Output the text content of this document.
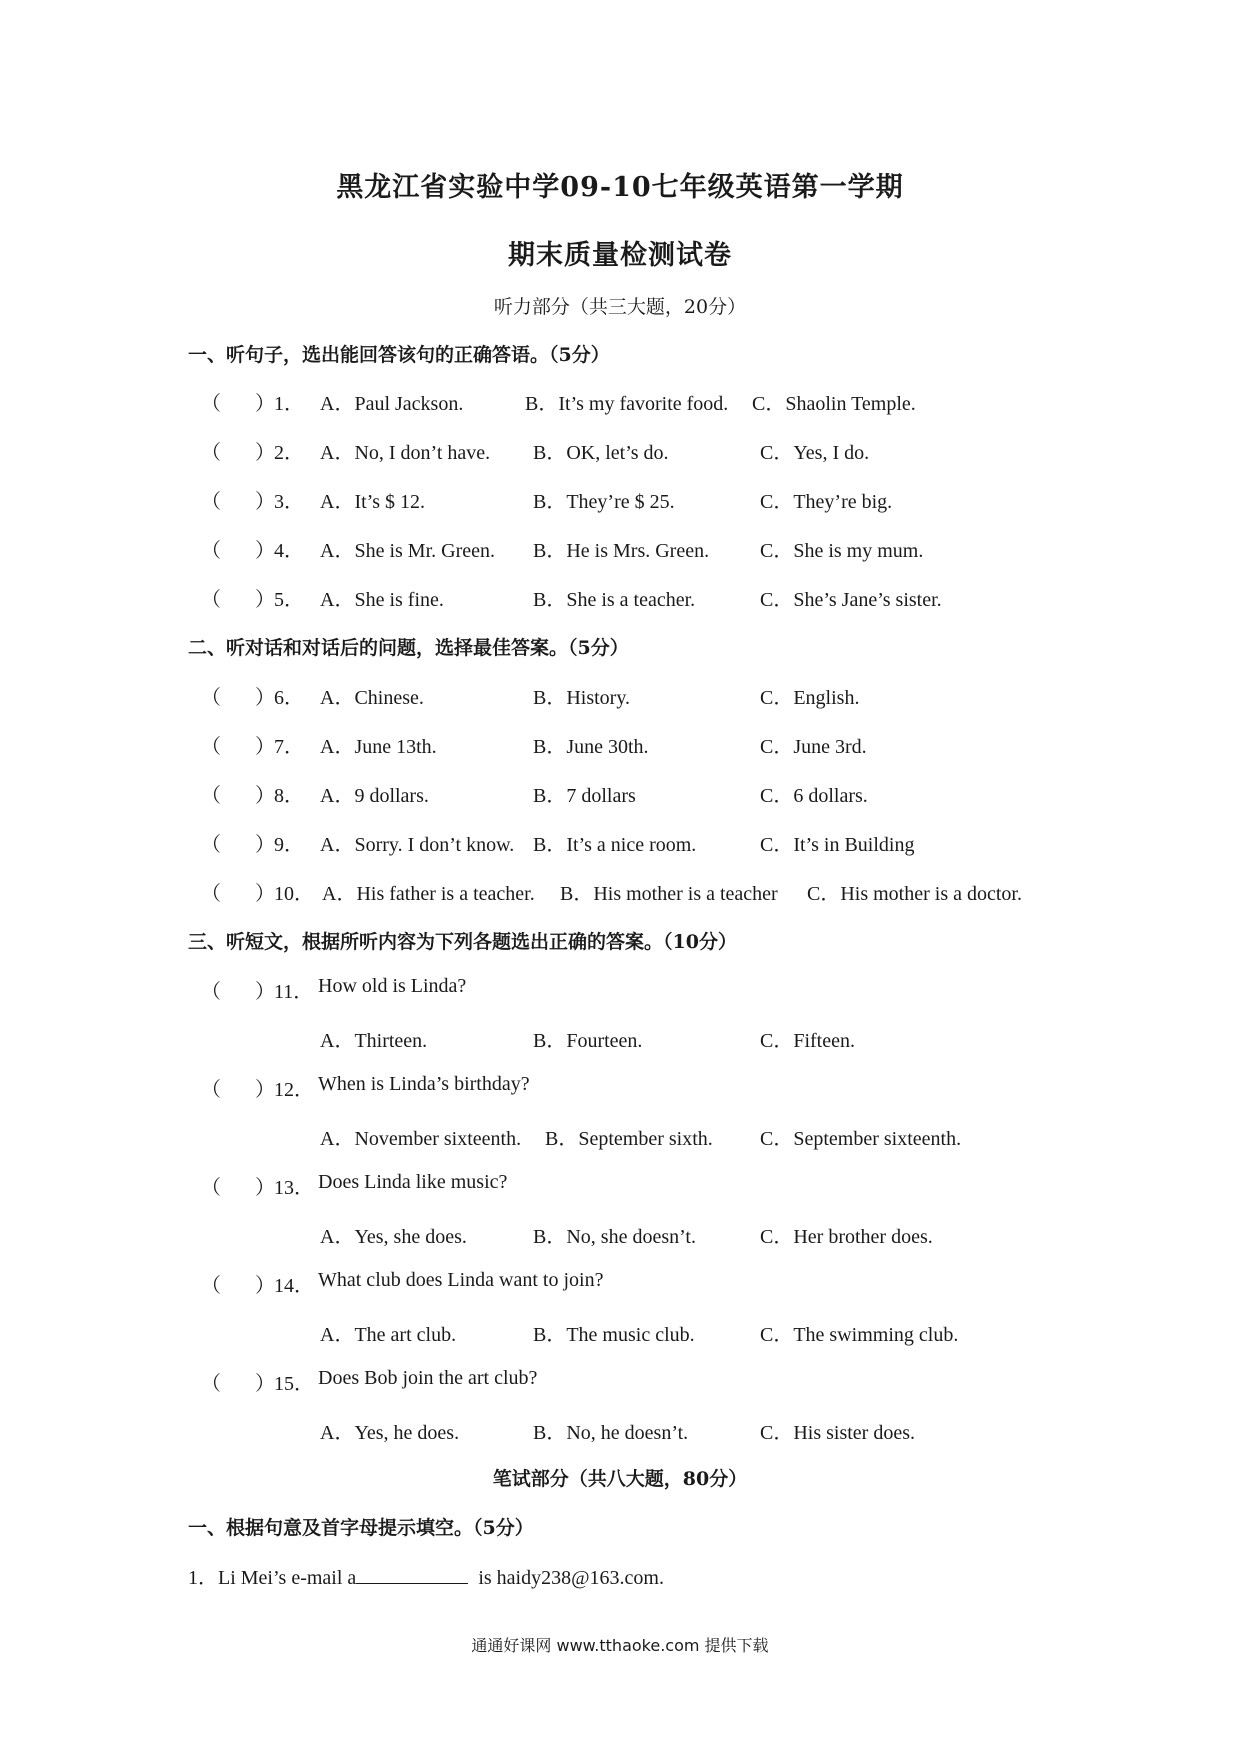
黑龙江省实验中学09-10七年级英语第一学期
期末质量检测试卷
听力部分（共三大题，20分）
一、听句子，选出能回答该句的正确答语。（5分）
（ ） 1． A．Paul Jackson.	B．It’s my favorite food. C．Shaolin Temple.
（ ） 2． A．No, I don’t have. B．OK, let’s do.	C．Yes, I do.
（ ） 3． A．It’s $ 12.	B．They’re $ 25.	C．They’re big.
（ ） 4． A．She is Mr. Green. B．He is Mrs. Green.	C．She is my mum.
（ ） 5． A．She is fine.	B．She is a teacher.	C．She’s Jane’s sister.
二、听对话和对话后的问题，选择最佳答案。（5分）
（ ） 6． A．Chinese.	B．History.	C．English.
（ ） 7． A．June 13th.	B．June 30th.	C．June 3rd.
（ ） 8． A．9 dollars.	B．7 dollars	C．6 dollars.
（ ） 9． A．Sorry. I don’t know. B．It’s a nice room.	C．It’s in Building
（ ） 10． A．His father is a teacher. B．His mother is a teacher C．His mother is a doctor.
三、听短文，根据所听内容为下列各题选出正确的答案。（10分）
（ ） 11． How old is Linda?
A．Thirteen.	B．Fourteen.	C．Fifteen.
（ ） 12． When is Linda’s birthday?
A．November sixteenth. B．September sixth. C．September sixteenth.
（ ） 13． Does Linda like music?
A．Yes, she does.	B．No, she doesn’t.	C．Her brother does.
（ ） 14． What club does Linda want to join?
A．The art club.	B．The music club.	C．The swimming club.
（ ） 15． Does Bob join the art club?
A．Yes, he does.	B．No, he doesn’t.	C．His sister does.
笔试部分（共八大题，80分）
一、根据句意及首字母提示填空。（5分）
1．Li Mei’s e-mail a	is haidy238@163.com.
通通好课网 www.tthaoke.com 提供下载
